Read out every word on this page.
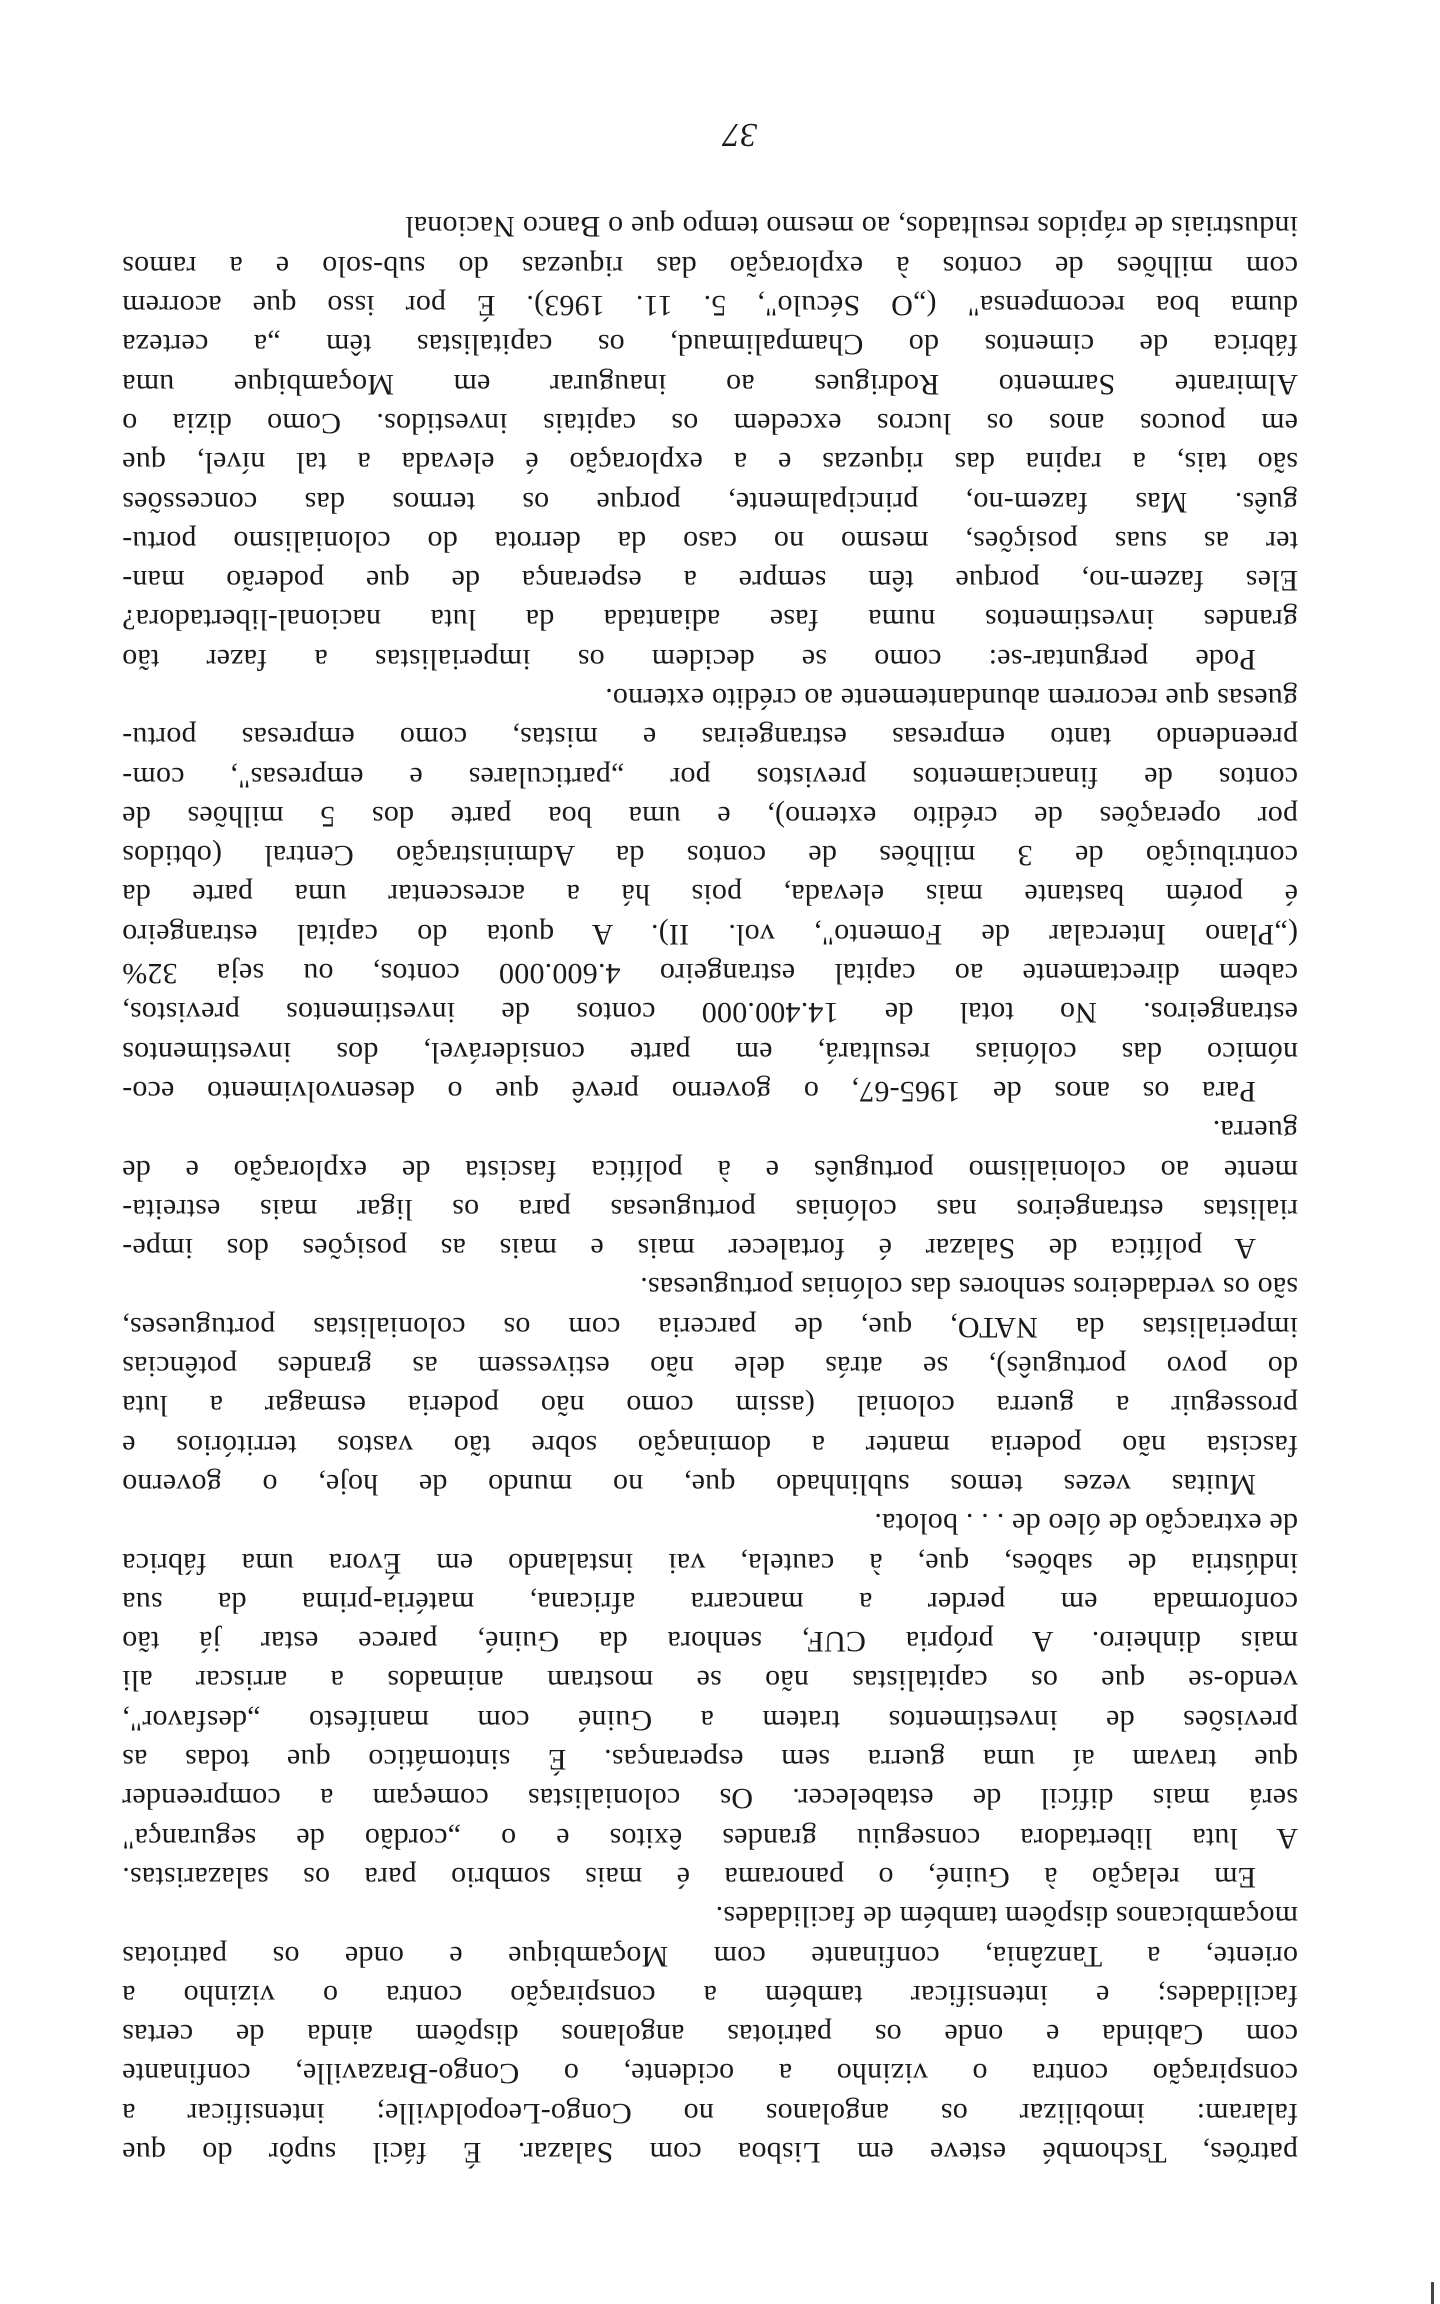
patrões, Tschombé esteve em Lisboa com Salazar. É fácil supôr do que
falaram: imobilizar os angolanos no Congo-Leopoldville; intensificar a
conspiração contra o vizinho a ocidente, o Congo-Brazaville, confinante
com Cabinda e onde os patriotas angolanos dispõem ainda de certas
facilidades; e intensificar também a conspiração contra o vizinho a
oriente, a Tanzânia, confinante com Moçambique e onde os patriotas
moçambicanos dispõem também de facilidades.
Em relação à Guiné, o panorama é mais sombrio para os salazaristas.
A luta libertadora conseguiu grandes êxitos e o „cordão de segurança"
será mais difícil de estabelecer. Os colonialistas começam a compreender
que travam aí uma guerra sem esperanças. É sintomático que todas as
previsões de investimentos tratem a Guiné com manifesto „desfavor",
vendo-se que os capitalistas não se mostram animados a arriscar ali
mais dinheiro. A própria CUF, senhora da Guiné, parece estar já tão
conformada em perder a mancarra africana, matéria-prima da sua
indústria de sabões, que, à cautela, vai instalando em Évora uma fábrica
de extracção de óleo de . . . bolota.
Muitas vezes temos sublinhado que, no mundo de hoje, o governo
fascista não poderia manter a dominação sobre tão vastos territórios e
prosseguir a guerra colonial (assim como não poderia esmagar a luta
do povo português), se atrás dele não estivessem as grandes potências
imperialistas da NATO, que, de parceria com os colonialistas portugueses,
são os verdadeiros senhores das colónias portuguesas.
A política de Salazar é fortalecer mais e mais as posições dos impe-
rialistas estrangeiros nas colónias portuguesas para os ligar mais estreita-
mente ao colonialismo português e à política fascista de exploração e de
guerra.
Para os anos de 1965-67, o governo prevê que o desenvolvimento eco-
nómico das colónias resultará, em parte considerável, dos investimentos
estrangeiros. No total de 14.400.000 contos de investimentos previstos,
cabem directamente ao capital estrangeiro 4.600.000 contos, ou seja 32%
(„Plano Intercalar de Fomento", vol. II). A quota do capital estrangeiro
é porém bastante mais elevada, pois há a acrescentar uma parte da
contribuição de 3 milhões de contos da Administração Central (obtidos
por operações de crédito externo), e uma boa parte dos 5 milhões de
contos de financiamentos previstos por „particulares e empresas", com-
preendendo tanto empresas estrangeiras e mistas, como empresas portu-
guesas que recorrem abundantemente ao crédito externo.
Pode perguntar-se: como se decidem os imperialistas a fazer tão
grandes investimentos numa fase adiantada da luta nacional-libertadora?
Eles fazem-no, porque têm sempre a esperança de que poderão man-
ter as suas posições, mesmo no caso da derrota do colonialismo portu-
guês. Mas fazem-no, principalmente, porque os termos das concessões
são tais, a rapina das riquezas e a exploração é elevada a tal nível, que
em poucos anos os lucros excedem os capitais investidos. Como dizia o
Almirante Sarmento Rodrigues ao inaugurar em Moçambique uma
fábrica de cimentos do Champalimaud, os capitalistas têm „a certeza
duma boa recompensa" („O Século", 5. 11. 1963). É por isso que acorrem
com milhões de contos à exploração das riquezas do sub-solo e a ramos
industriais de rápidos resultados, ao mesmo tempo que o Banco Nacional
37
